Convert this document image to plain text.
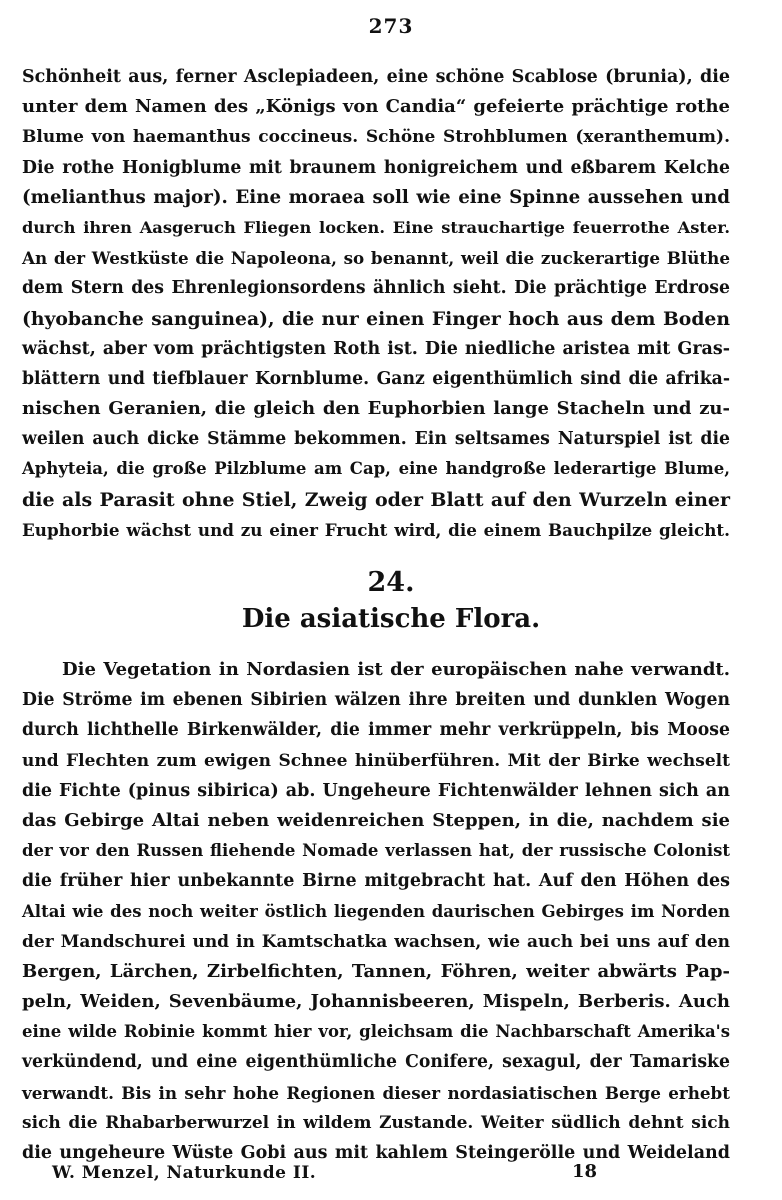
273
Schönheit aus, ferner Asclepiadeen, eine schöne Scablose (brunia), die
unter dem Namen des „Königs von Candia“ gefeierte prächtige rothe
Blume von haemanthus coccineus. Schöne Strohblumen (xeranthemum).
Die rothe Honigblume mit braunem honigreichem und eßbarem Kelche
(melianthus major). Eine moraea soll wie eine Spinne aussehen und
durch ihren Aasgeruch Fliegen locken. Eine strauchartige feuerrothe Aster.
An der Westküste die Napoleona, so benannt, weil die zuckerartige Blüthe
dem Stern des Ehrenlegionsordens ähnlich sieht. Die prächtige Erdrose
(hyobanche sanguinea), die nur einen Finger hoch aus dem Boden
wächst, aber vom prächtigsten Roth ist. Die niedliche aristea mit Gras-
blättern und tiefblauer Kornblume. Ganz eigenthümlich sind die afrika-
nischen Geranien, die gleich den Euphorbien lange Stacheln und zu-
weilen auch dicke Stämme bekommen. Ein seltsames Naturspiel ist die
Aphyteia, die große Pilzblume am Cap, eine handgroße lederartige Blume,
die als Parasit ohne Stiel, Zweig oder Blatt auf den Wurzeln einer
Euphorbie wächst und zu einer Frucht wird, die einem Bauchpilze gleicht.
24.
Die asiatische Flora.
Die Vegetation in Nordasien ist der europäischen nahe verwandt.
Die Ströme im ebenen Sibirien wälzen ihre breiten und dunklen Wogen
durch lichthelle Birkenwälder, die immer mehr verkrüppeln, bis Moose
und Flechten zum ewigen Schnee hinüberführen. Mit der Birke wechselt
die Fichte (pinus sibirica) ab. Ungeheure Fichtenwälder lehnen sich an
das Gebirge Altai neben weidenreichen Steppen, in die, nachdem sie
der vor den Russen fliehende Nomade verlassen hat, der russische Colonist
die früher hier unbekannte Birne mitgebracht hat. Auf den Höhen des
Altai wie des noch weiter östlich liegenden daurischen Gebirges im Norden
der Mandschurei und in Kamtschatka wachsen, wie auch bei uns auf den
Bergen, Lärchen, Zirbelfichten, Tannen, Föhren, weiter abwärts Pap-
peln, Weiden, Sevenbäume, Johannisbeeren, Mispeln, Berberis. Auch
eine wilde Robinie kommt hier vor, gleichsam die Nachbarschaft Amerika's
verkündend, und eine eigenthümliche Conifere, sexagul, der Tamariske
verwandt. Bis in sehr hohe Regionen dieser nordasiatischen Berge erhebt
sich die Rhabarberwurzel in wildem Zustande. Weiter südlich dehnt sich
die ungeheure Wüste Gobi aus mit kahlem Steingerölle und Weideland
W. Menzel, Naturkunde II.	18
